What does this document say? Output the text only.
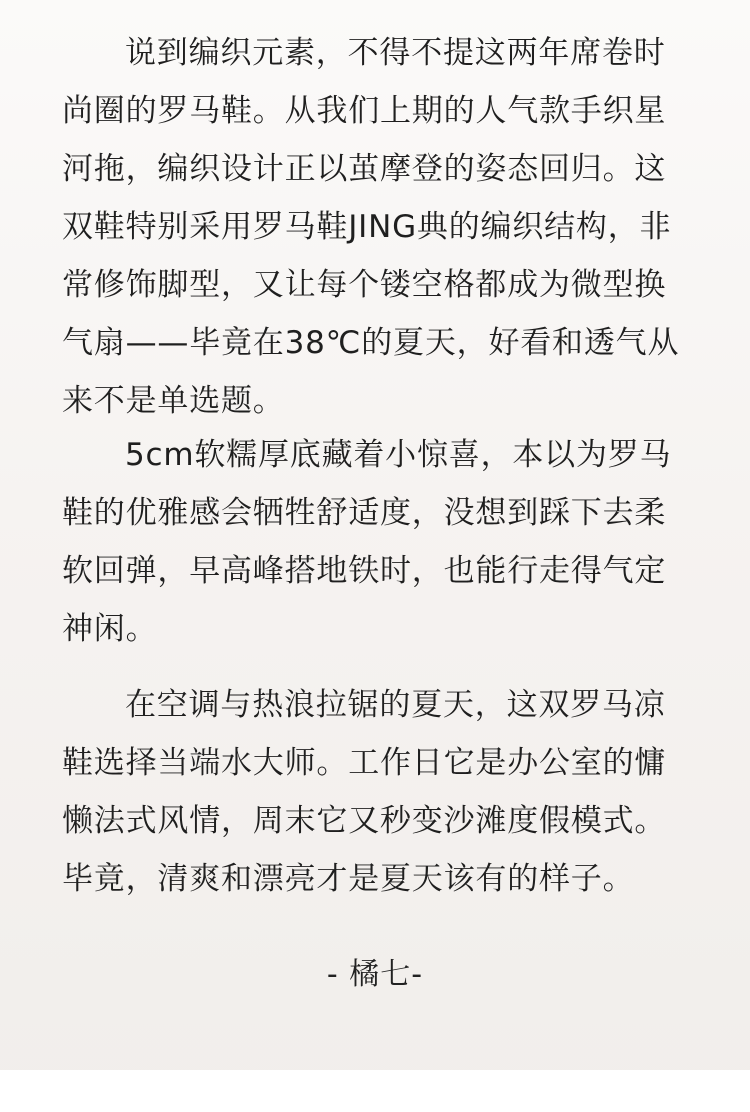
说到编织元素，不得不提这两年席卷时尚圈的罗马鞋。从我们上期的人气款手织星河拖，编织设计正以茧摩登的姿态回归。这双鞋特别采用罗马鞋JING典的编织结构，非常修饰脚型，又让每个镂空格都成为微型换气扇——毕竟在38℃的夏天，好看和透气从来不是单选题。

5cm软糯厚底藏着小惊喜，本以为罗马鞋的优雅感会牺牲舒适度，没想到踩下去柔软回弹，早高峰搭地铁时，也能行走得气定神闲。

在空调与热浪拉锯的夏天，这双罗马凉鞋选择当端水大师。工作日它是办公室的慵懒法式风情，周末它又秒变沙滩度假模式。毕竟，清爽和漂亮才是夏天该有的样子。

- 橘七-
